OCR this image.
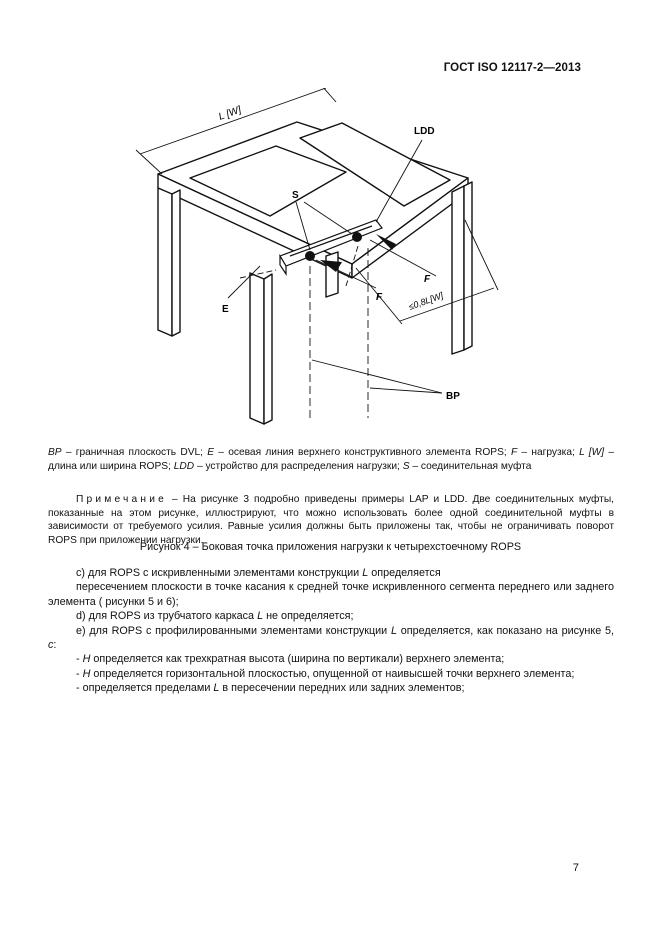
ГОСТ ISO 12117-2—2013
L [W]
LDD
S
E
F
F
BP
≤0,8L[W]
BP – граничная плоскость DVL; E – осевая линия верхнего конструктивного элемента ROPS; F – нагрузка; L [W] – длина или ширина ROPS; LDD – устройство для распределения нагрузки; S – соединительная муфта
Примечание – На рисунке 3 подробно приведены примеры LAP и LDD. Две соединительных муфты, показанные на этом рисунке, иллюстрируют, что можно использовать более одной соединительной муфты в зависимости от требуемого усилия. Равные усилия должны быть приложены так, чтобы не ограничивать поворот ROPS при приложении нагрузки.
Рисунок 4 – Боковая точка приложения нагрузки к четырехстоечному ROPS

c) для ROPS с искривленными элементами конструкции L определяется

пересечением плоскости в точке касания к средней точке искривленного сегмента переднего или заднего элемента ( рисунки 5 и 6);

d) для ROPS из трубчатого каркаса L не определяется;

e) для ROPS с профилированными элементами конструкции L определяется, как показано на рисунке 5, c:

- H определяется как трехкратная высота (ширина по вертикали) верхнего элемента;

- H определяется горизонтальной плоскостью, опущенной от наивысшей точки верхнего элемента;

- определяется пределами L в пересечении передних или задних элементов;

7
